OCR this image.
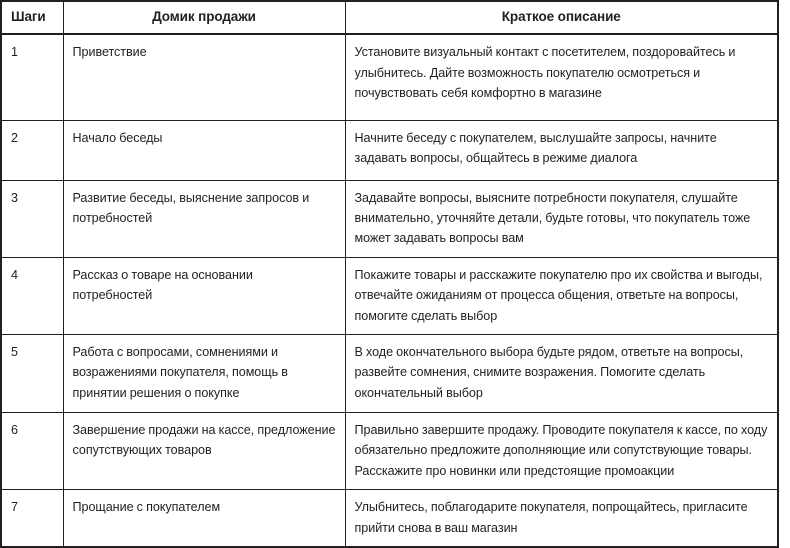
Шаги	Домик продажи	Краткое описание
1	Приветствие	Установите визуальный контакт с посетителем, поздоровайтесь и улыбнитесь. Дайте возможность покупателю осмотреться и почувствовать себя комфортно в магазине
2	Начало беседы	Начните беседу с покупателем, выслушайте запросы, начните задавать вопросы, общайтесь в режиме диалога
3	Развитие беседы, выяснение запросов и потребностей	Задавайте вопросы, выясните потребности покупателя, слушайте внимательно, уточняйте детали, будьте готовы, что покупатель тоже может задавать вопросы вам
4	Рассказ о товаре на основании потребностей	Покажите товары и расскажите покупателю про их свойства и выгоды, отвечайте ожиданиям от процесса общения, ответьте на вопросы, помогите сделать выбор
5	Работа с вопросами, сомнениями и возражениями покупателя, помощь в принятии решения о покупке	В ходе окончательного выбора будьте рядом, ответьте на вопросы, развейте сомнения, снимите возражения. Помогите сделать окончательный выбор
6	Завершение продажи на кассе, предложение сопутствующих товаров	Правильно завершите продажу. Проводите покупателя к кассе, по ходу обязательно предложите дополняющие или сопутствующие товары. Расскажите про новинки или предстоящие промоакции
7	Прощание с покупателем	Улыбнитесь, поблагодарите покупателя, попрощайтесь, пригласите прийти снова в ваш магазин
